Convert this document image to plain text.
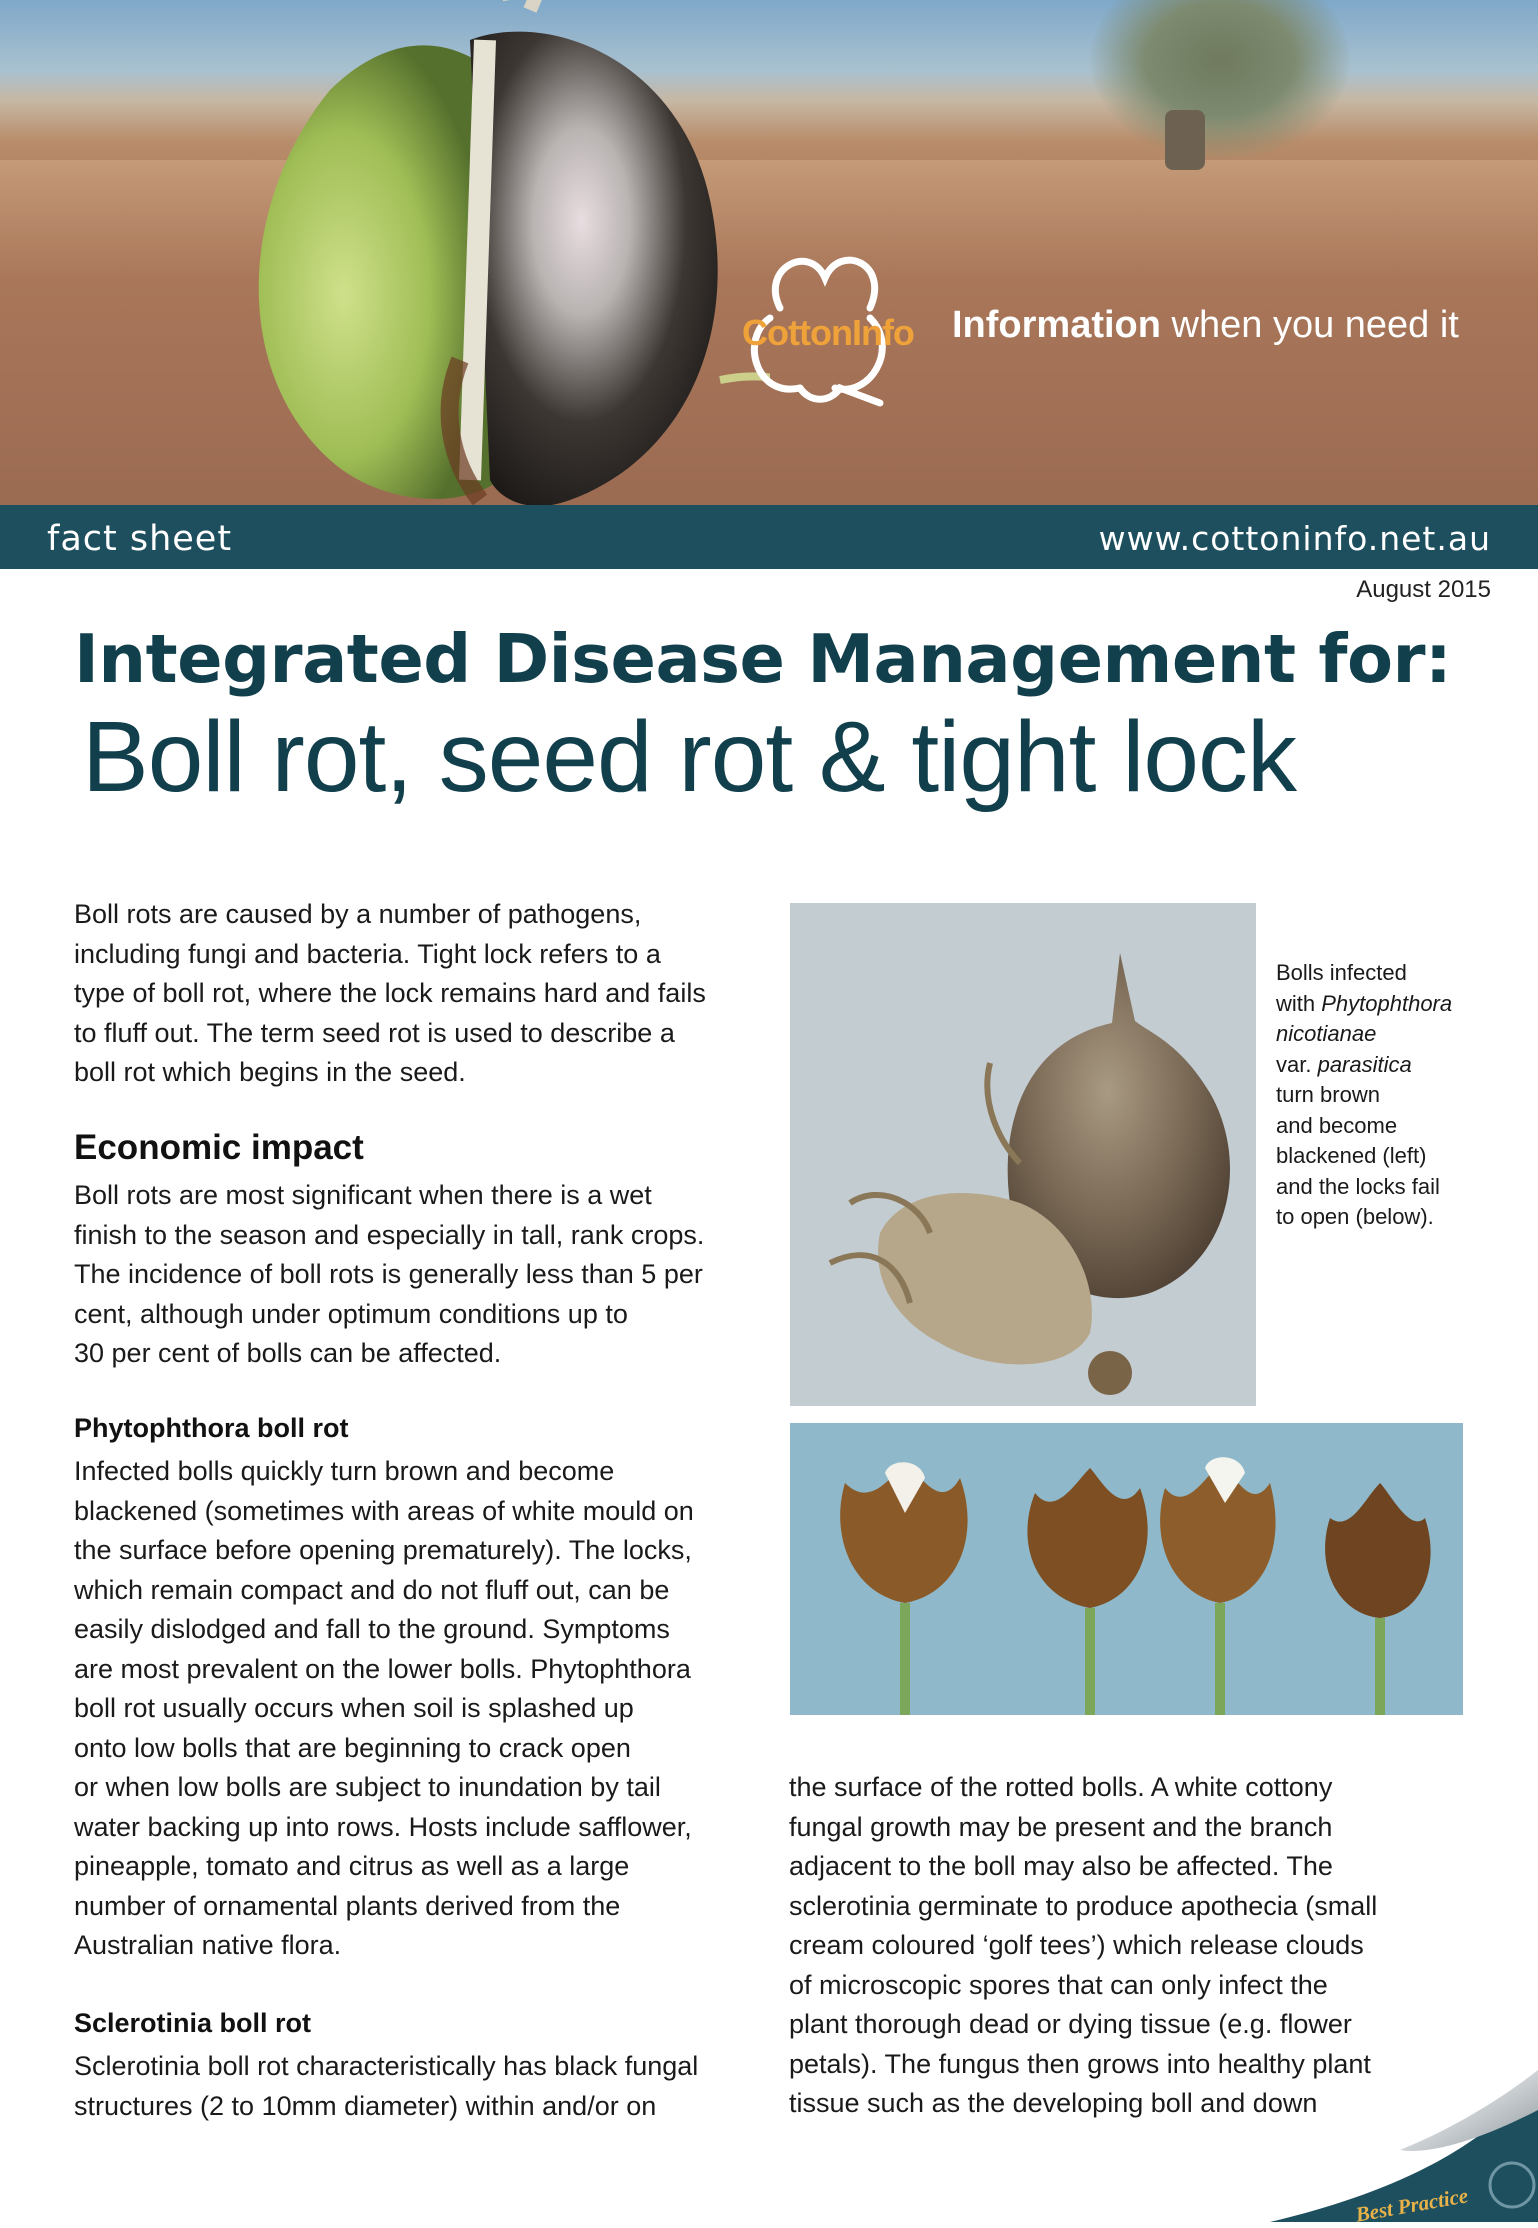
CottonInfo Information when you need it
fact sheet	www.cottoninfo.net.au
August 2015
Integrated Disease Management for:
Boll rot, seed rot & tight lock

Boll rots are caused by a number of pathogens,

including fungi and bacteria. Tight lock refers to a

type of boll rot, where the lock remains hard and fails

to fluff out. The term seed rot is used to describe a

boll rot which begins in the seed.

Economic impact

Boll rots are most significant when there is a wet

finish to the season and especially in tall, rank crops.

The incidence of boll rots is generally less than 5 per

cent, although under optimum conditions up to

30 per cent of bolls can be affected.

Phytophthora boll rot

Infected bolls quickly turn brown and become

blackened (sometimes with areas of white mould on

the surface before opening prematurely). The locks,

which remain compact and do not fluff out, can be

easily dislodged and fall to the ground. Symptoms

are most prevalent on the lower bolls. Phytophthora

boll rot usually occurs when soil is splashed up

onto low bolls that are beginning to crack open

or when low bolls are subject to inundation by tail

water backing up into rows. Hosts include safflower,

pineapple, tomato and citrus as well as a large

number of ornamental plants derived from the

Australian native flora.

Sclerotinia boll rot

Sclerotinia boll rot characteristically has black fungal

structures (2 to 10mm diameter) within and/or on

Bolls infected
with Phytophthora
nicotianae
var. parasitica
turn brown
and become
blackened (left)
and the locks fail
to open (below).

the surface of the rotted bolls. A white cottony

fungal growth may be present and the branch

adjacent to the boll may also be affected. The

sclerotinia germinate to produce apothecia (small

cream coloured ‘golf tees’) which release clouds

of microscopic spores that can only infect the

plant thorough dead or dying tissue (e.g. flower

petals). The fungus then grows into healthy plant

tissue such as the developing boll and down

Best Practice
